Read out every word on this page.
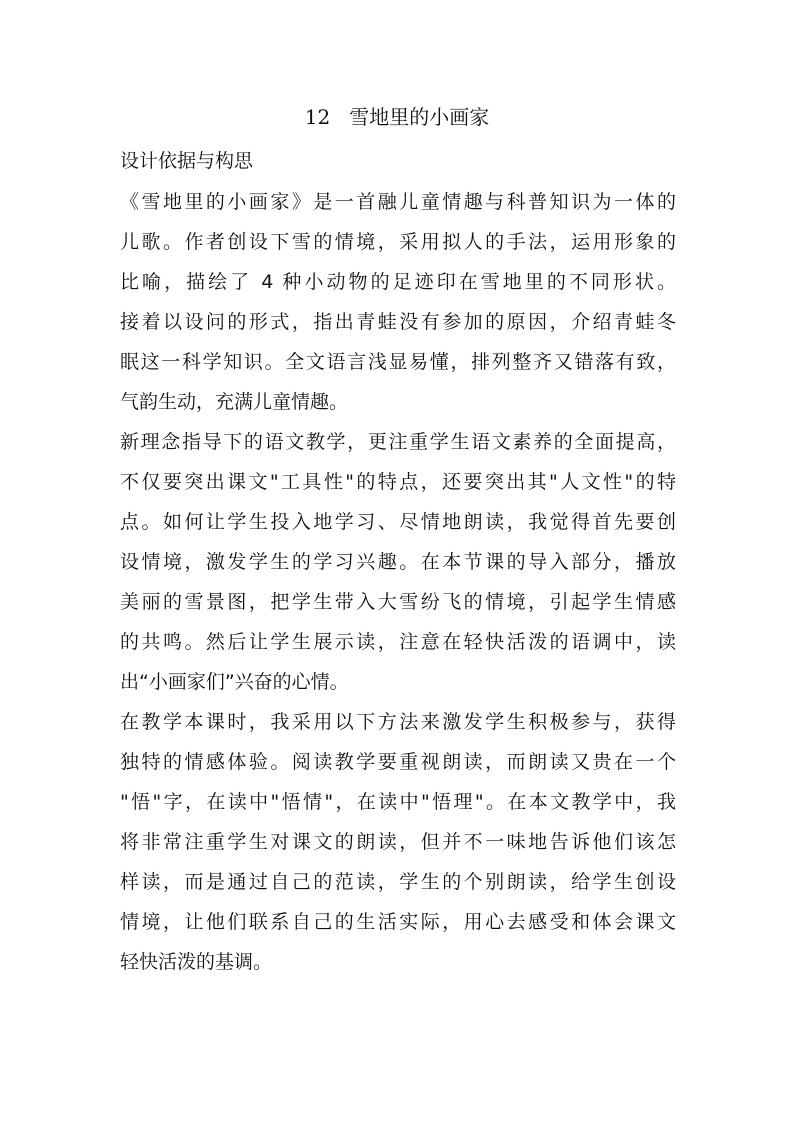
12   雪地里的小画家
设计依据与构思
《雪地里的小画家》是一首融儿童情趣与科普知识为一体的
儿歌。作者创设下雪的情境，采用拟人的手法，运用形象的
比喻，描绘了 4 种小动物的足迹印在雪地里的不同形状。
接着以设问的形式，指出青蛙没有参加的原因，介绍青蛙冬
眠这一科学知识。全文语言浅显易懂，排列整齐又错落有致，
气韵生动，充满儿童情趣。
新理念指导下的语文教学，更注重学生语文素养的全面提高，
不仅要突出课文"工具性"的特点，还要突出其"人文性"的特
点。如何让学生投入地学习、尽情地朗读，我觉得首先要创
设情境，激发学生的学习兴趣。在本节课的导入部分，播放
美丽的雪景图，把学生带入大雪纷飞的情境，引起学生情感
的共鸣。然后让学生展示读，注意在轻快活泼的语调中，读
出“小画家们”兴奋的心情。
在教学本课时，我采用以下方法来激发学生积极参与，获得
独特的情感体验。阅读教学要重视朗读，而朗读又贵在一个
"悟"字，在读中"悟情"，在读中"悟理"。在本文教学中，我
将非常注重学生对课文的朗读，但并不一味地告诉他们该怎
样读，而是通过自己的范读，学生的个别朗读，给学生创设
情境，让他们联系自己的生活实际，用心去感受和体会课文
轻快活泼的基调。
